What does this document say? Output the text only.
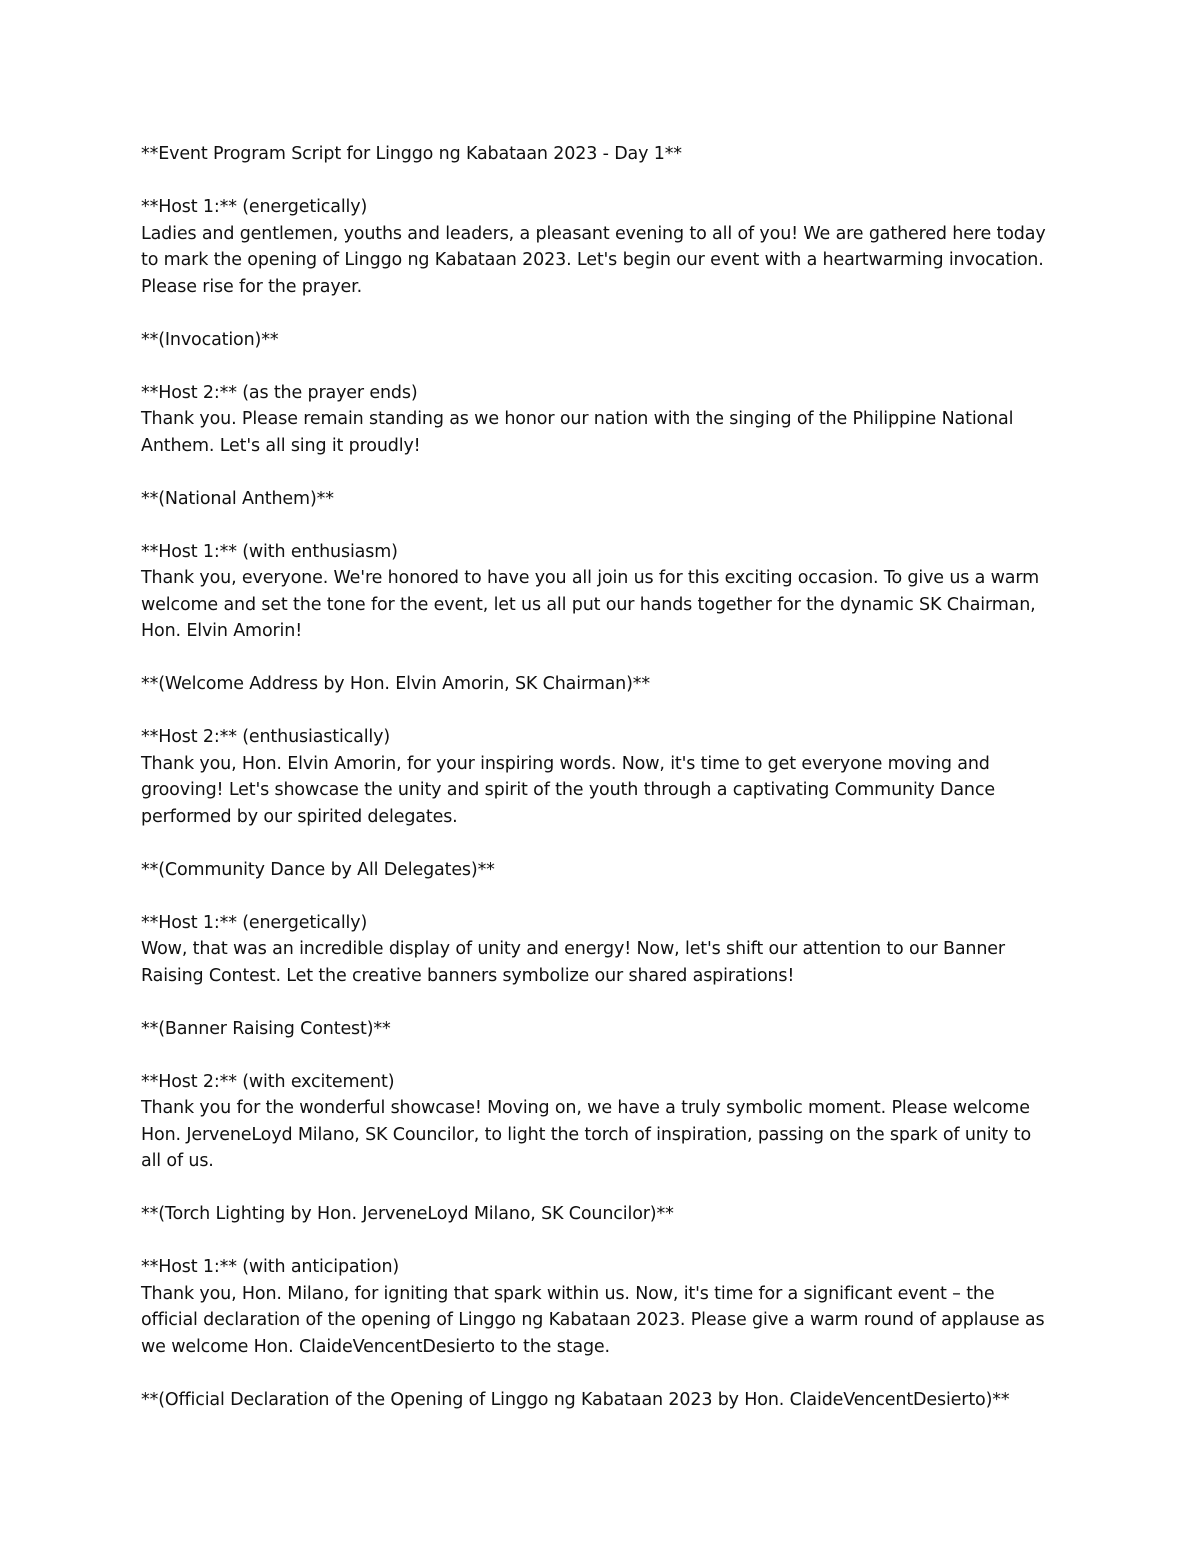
**Event Program Script for Linggo ng Kabataan 2023 - Day 1**

**Host 1:** (energetically)

Ladies and gentlemen, youths and leaders, a pleasant evening to all of you! We are gathered here today

to mark the opening of Linggo ng Kabataan 2023. Let's begin our event with a heartwarming invocation.

Please rise for the prayer.

**(Invocation)**

**Host 2:** (as the prayer ends)

Thank you. Please remain standing as we honor our nation with the singing of the Philippine National

Anthem. Let's all sing it proudly!

**(National Anthem)**

**Host 1:** (with enthusiasm)

Thank you, everyone. We're honored to have you all join us for this exciting occasion. To give us a warm

welcome and set the tone for the event, let us all put our hands together for the dynamic SK Chairman,

Hon. Elvin Amorin!

**(Welcome Address by Hon. Elvin Amorin, SK Chairman)**

**Host 2:** (enthusiastically)

Thank you, Hon. Elvin Amorin, for your inspiring words. Now, it's time to get everyone moving and

grooving! Let's showcase the unity and spirit of the youth through a captivating Community Dance

performed by our spirited delegates.

**(Community Dance by All Delegates)**

**Host 1:** (energetically)

Wow, that was an incredible display of unity and energy! Now, let's shift our attention to our Banner

Raising Contest. Let the creative banners symbolize our shared aspirations!

**(Banner Raising Contest)**

**Host 2:** (with excitement)

Thank you for the wonderful showcase! Moving on, we have a truly symbolic moment. Please welcome

Hon. JerveneLoyd Milano, SK Councilor, to light the torch of inspiration, passing on the spark of unity to

all of us.

**(Torch Lighting by Hon. JerveneLoyd Milano, SK Councilor)**

**Host 1:** (with anticipation)

Thank you, Hon. Milano, for igniting that spark within us. Now, it's time for a significant event – the

official declaration of the opening of Linggo ng Kabataan 2023. Please give a warm round of applause as

we welcome Hon. ClaideVencentDesierto to the stage.

**(Official Declaration of the Opening of Linggo ng Kabataan 2023 by Hon. ClaideVencentDesierto)**
